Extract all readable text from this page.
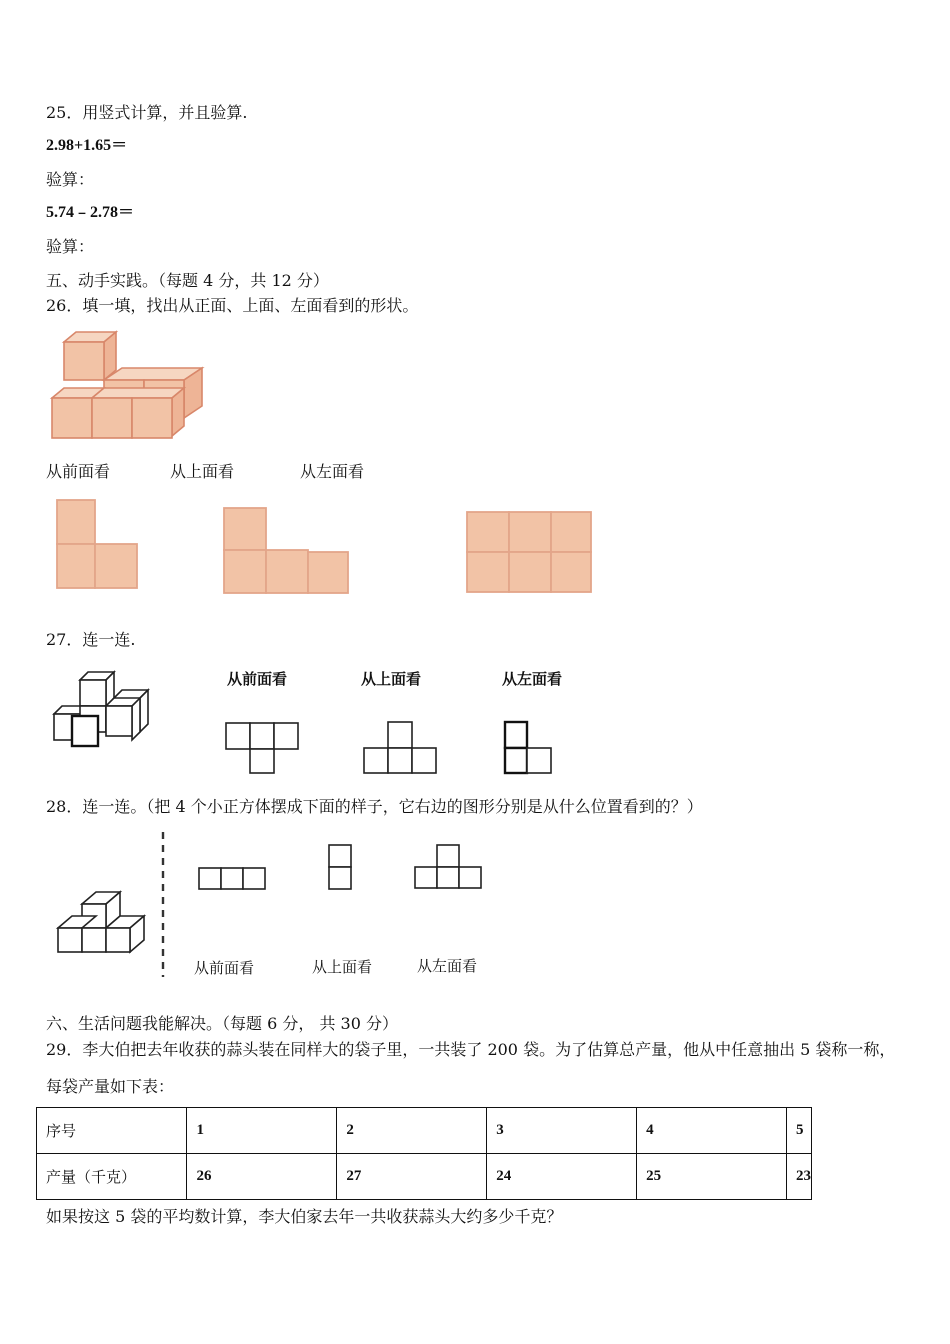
25．用竖式计算，并且验算.
2.98+1.65＝
验算：
5.74﹣2.78＝
验算：
五、动手实践。（每题 4 分，共 12 分）
26．填一填，找出从正面、上面、左面看到的形状。
从前面看	从上面看	从左面看
27．连一连.
从前面看	从上面看	从左面看
28．连一连。（把 4 个小正方体摆成下面的样子，它右边的图形分别是从什么位置看到的？）
从前面看	从上面看	从左面看
六、生活问题我能解决。（每题 6 分， 共 30 分）
29．李大伯把去年收获的蒜头装在同样大的袋子里，一共装了 200 袋。为了估算总产量，他从中任意抽出 5 袋称一称，
每袋产量如下表：
序号	1	2	3	4	5
产量（千克）	26	27	24	25	23
如果按这 5 袋的平均数计算，李大伯家去年一共收获蒜头大约多少千克？
